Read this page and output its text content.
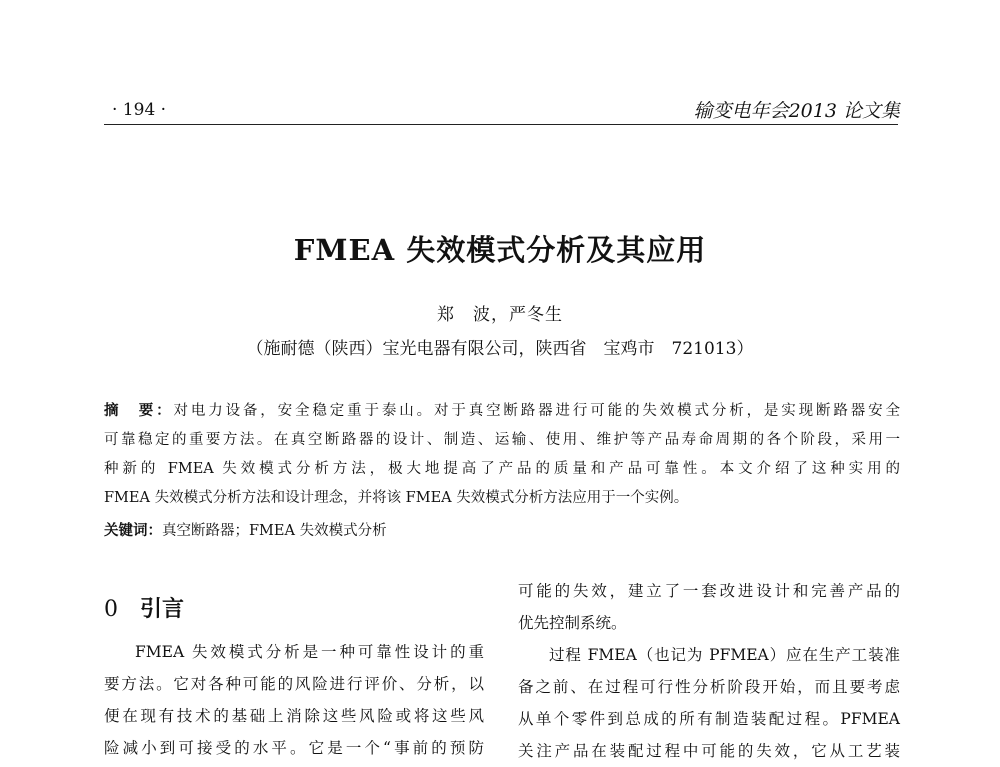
· 194 ·	输变电年会2013 论文集
FMEA 失效模式分析及其应用
郑　波，严冬生
（施耐德（陕西）宝光电器有限公司，陕西省　宝鸡市　721013）

摘　要：对电力设备，安全稳定重于泰山。对于真空断路器进行可能的失效模式分析，是实现断路器安全

可靠稳定的重要方法。在真空断路器的设计、制造、运输、使用、维护等产品寿命周期的各个阶段，采用一

种新的 FMEA 失效模式分析方法，极大地提高了产品的质量和产品可靠性。本文介绍了这种实用的

FMEA 失效模式分析方法和设计理念，并将该 FMEA 失效模式分析方法应用于一个实例。

关键词：真空断路器；FMEA 失效模式分析
0 引言

FMEA 失效模式分析是一种可靠性设计的重

要方法。它对各种可能的风险进行评价、分析，以

便在现有技术的基础上消除这些风险或将这些风

险减小到可接受的水平。它是一个“事前的预防

可能的失效，建立了一套改进设计和完善产品的

优先控制系统。

过程 FMEA（也记为 PFMEA）应在生产工装准

备之前、在过程可行性分析阶段开始，而且要考虑

从单个零件到总成的所有制造装配过程。PFMEA

关注产品在装配过程中可能的失效，它从工艺装
